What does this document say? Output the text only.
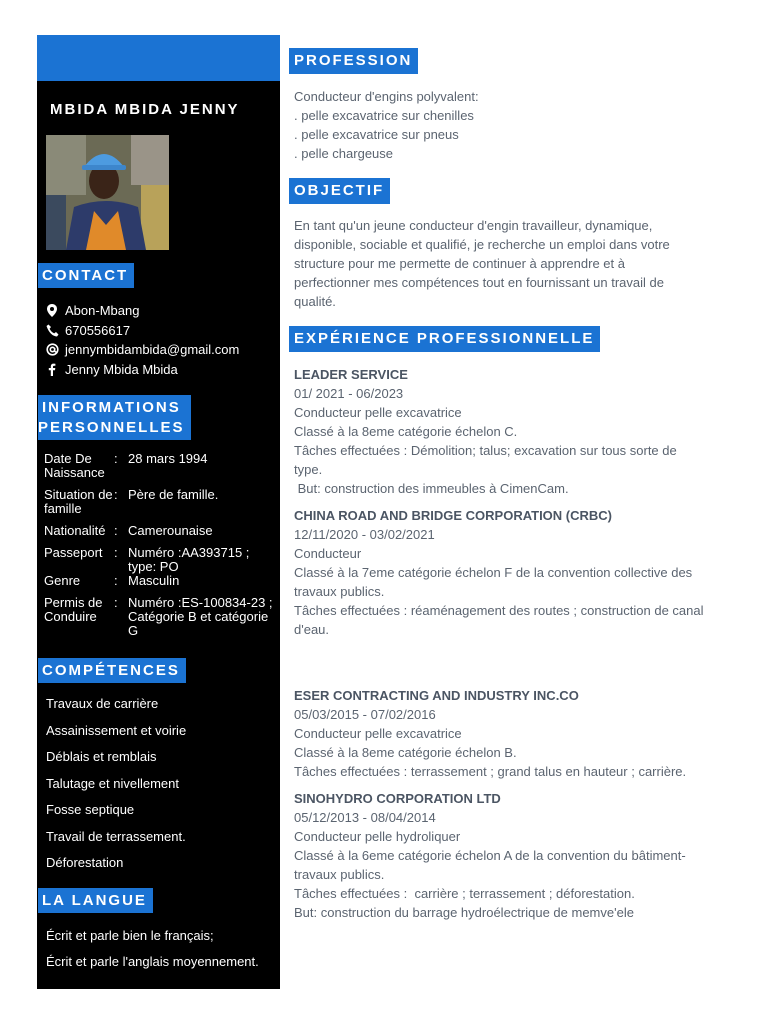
MBIDA MBIDA JENNY
CONTACT
Abon-Mbang
670556617
jennymbidambida@gmail.com
Jenny Mbida Mbida
INFORMATIONS
PERSONNELLES
Date De Naissance
: 28 mars 1994
Situation de famille
: Père de famille.
Nationalité : Camerounaise
Passeport : Numéro :AA393715 ; type: PO
Genre	: Masculin
Permis de Conduire
: Numéro :ES-100834-23 ; Catégorie B et catégorie G
COMPÉTENCES
Travaux de carrière
Assainissement et voirie
Déblais et remblais
Talutage et nivellement
Fosse septique
Travail de terrassement.
Déforestation
LA LANGUE
Écrit et parle bien le français;
Écrit et parle l'anglais moyennement.
PROFESSION
Conducteur d'engins polyvalent:
. pelle excavatrice sur chenilles
. pelle excavatrice sur pneus
. pelle chargeuse
OBJECTIF
En tant qu'un jeune conducteur d'engin travailleur, dynamique,
disponible, sociable et qualifié, je recherche un emploi dans votre
structure pour me permette de continuer à apprendre et à
perfectionner mes compétences tout en fournissant un travail de
qualité.
EXPÉRIENCE PROFESSIONNELLE
LEADER SERVICE
01/ 2021 - 06/2023
Conducteur pelle excavatrice
Classé à la 8eme catégorie échelon C.
Tâches effectuées : Démolition; talus; excavation sur tous sorte de
type.
But: construction des immeubles à CimenCam.
CHINA ROAD AND BRIDGE CORPORATION (CRBC)
12/11/2020 - 03/02/2021
Conducteur
Classé à la 7eme catégorie échelon F de la convention collective des
travaux publics.
Tâches effectuées : réaménagement des routes ; construction de canal
d'eau.
ESER CONTRACTING AND INDUSTRY INC.CO
05/03/2015 - 07/02/2016
Conducteur pelle excavatrice
Classé à la 8eme catégorie échelon B.
Tâches effectuées : terrassement ; grand talus en hauteur ; carrière.
SINOHYDRO CORPORATION LTD
05/12/2013 - 08/04/2014
Conducteur pelle hydroliquer
Classé à la 6eme catégorie échelon A de la convention du bâtiment-
travaux publics.
Tâches effectuées :  carrière ; terrassement ; déforestation.
But: construction du barrage hydroélectrique de memve'ele
